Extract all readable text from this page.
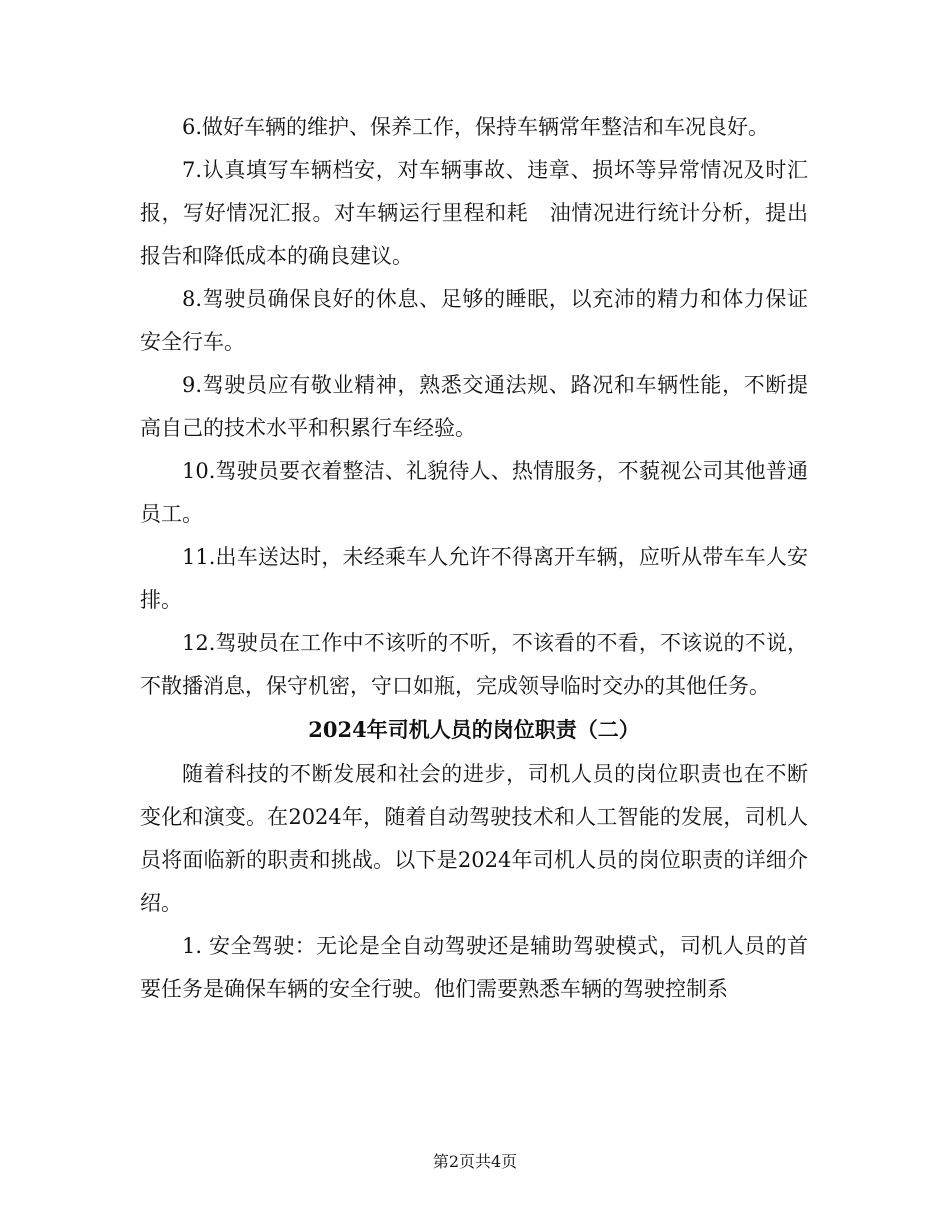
6.做好车辆的维护、保养工作，保持车辆常年整洁和车况良好。

7.认真填写车辆档安，对车辆事故、违章、损坏等异常情况及时汇报，写好情况汇报。对车辆运行里程和耗　油情况进行统计分析，提出报告和降低成本的确良建议。

8.驾驶员确保良好的休息、足够的睡眠，以充沛的精力和体力保证安全行车。

9.驾驶员应有敬业精神，熟悉交通法规、路况和车辆性能，不断提高自己的技术水平和积累行车经验。

10.驾驶员要衣着整洁、礼貌待人、热情服务，不藐视公司其他普通员工。

11.出车送达时，未经乘车人允许不得离开车辆，应听从带车车人安排。

12.驾驶员在工作中不该听的不听，不该看的不看，不该说的不说，不散播消息，保守机密，守口如瓶，完成领导临时交办的其他任务。

2024年司机人员的岗位职责（二）

随着科技的不断发展和社会的进步，司机人员的岗位职责也在不断变化和演变。在2024年，随着自动驾驶技术和人工智能的发展，司机人员将面临新的职责和挑战。以下是2024年司机人员的岗位职责的详细介绍。

1. 安全驾驶：无论是全自动驾驶还是辅助驾驶模式，司机人员的首要任务是确保车辆的安全行驶。他们需要熟悉车辆的驾驶控制系

第2页共4页
